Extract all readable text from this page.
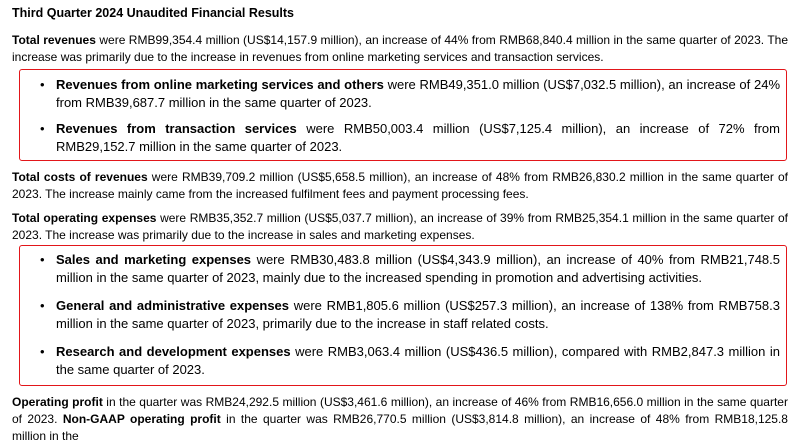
Third Quarter 2024 Unaudited Financial Results

Total revenues were RMB99,354.4 million (US$14,157.9 million), an increase of 44% from RMB68,840.4 million in the same quarter of 2023. The increase was primarily due to the increase in revenues from online marketing services and transaction services.

• Revenues from online marketing services and others were RMB49,351.0 million (US$7,032.5 million), an increase of 24% from RMB39,687.7 million in the same quarter of 2023.
• Revenues from transaction services were RMB50,003.4 million (US$7,125.4 million), an increase of 72% from RMB29,152.7 million in the same quarter of 2023.

Total costs of revenues were RMB39,709.2 million (US$5,658.5 million), an increase of 48% from RMB26,830.2 million in the same quarter of 2023. The increase mainly came from the increased fulfilment fees and payment processing fees.

Total operating expenses were RMB35,352.7 million (US$5,037.7 million), an increase of 39% from RMB25,354.1 million in the same quarter of 2023. The increase was primarily due to the increase in sales and marketing expenses.

• Sales and marketing expenses were RMB30,483.8 million (US$4,343.9 million), an increase of 40% from RMB21,748.5 million in the same quarter of 2023, mainly due to the increased spending in promotion and advertising activities.
• General and administrative expenses were RMB1,805.6 million (US$257.3 million), an increase of 138% from RMB758.3 million in the same quarter of 2023, primarily due to the increase in staff related costs.
• Research and development expenses were RMB3,063.4 million (US$436.5 million), compared with RMB2,847.3 million in the same quarter of 2023.

Operating profit in the quarter was RMB24,292.5 million (US$3,461.6 million), an increase of 46% from RMB16,656.0 million in the same quarter of 2023. Non-GAAP operating profit in the quarter was RMB26,770.5 million (US$3,814.8 million), an increase of 48% from RMB18,125.8 million in the
